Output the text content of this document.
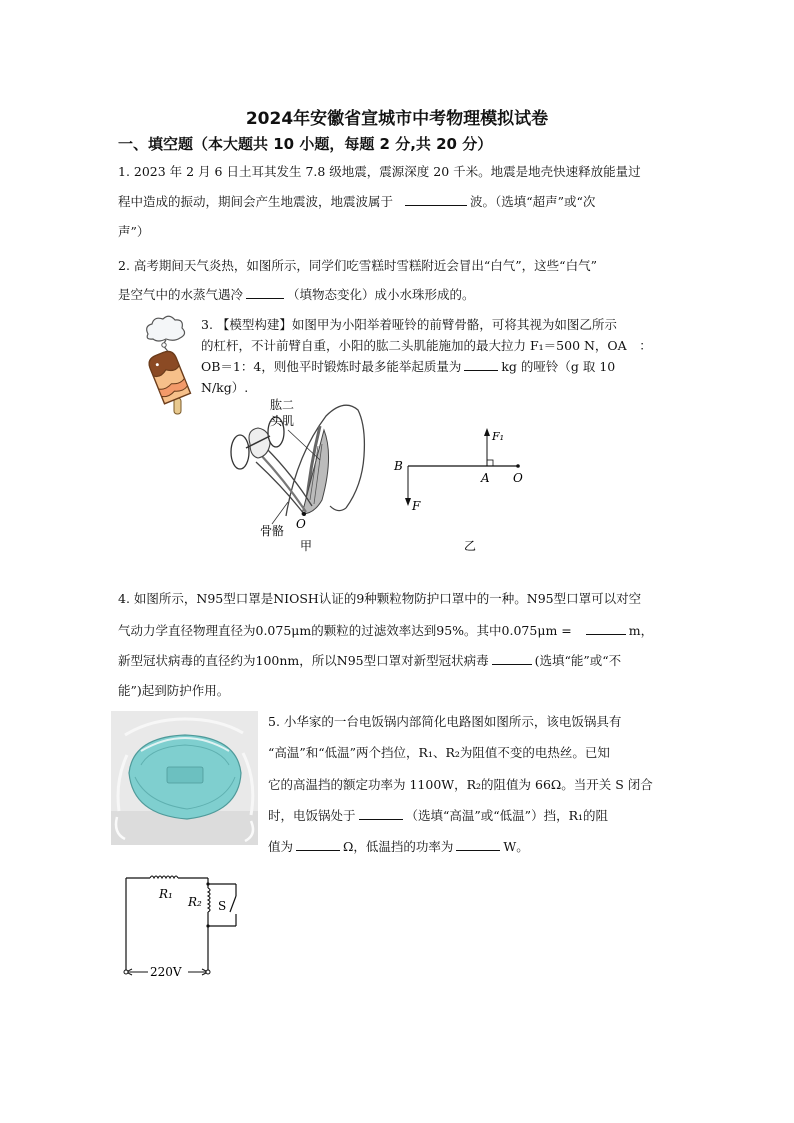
2024年安徽省宣城市中考物理模拟试卷
一、填空题（本大题共 10 小题，每题 2 分,共 20 分）
1. 2023 年 2 月 6 日土耳其发生 7.8 级地震，震源深度 20 千米。地震是地壳快速释放能量过
程中造成的振动，期间会产生地震波，地震波属于	波。（选填“超声”或“次
声”）
2. 高考期间天气炎热，如图所示，同学们吃雪糕时雪糕附近会冒出“白气”，这些“白气”
是空气中的水蒸气遇冷	（填物态变化）成小水珠形成的。
3. 【模型构建】如图甲为小阳举着哑铃的前臂骨骼，可将其视为如图乙所示
的杠杆，不计前臂自重，小阳的肱二头肌能施加的最大拉力 F₁＝500 N，OA　：
OB＝1：4，则他平时锻炼时最多能举起质量为	kg 的哑铃（g 取 10
N/kg）.
肱二
头肌
骨骼 O
甲
B
A O
F₁
F
乙
4. 如图所示，N95型口罩是NIOSH认证的9种颗粒物防护口罩中的一种。N95型口罩可以对空
气动力学直径物理直径为0.075μm的颗粒的过滤效率达到95%。其中0.075μm =	m，
新型冠状病毒的直径约为100nm，所以N95型口罩对新型冠状病毒	(选填“能”或“不
能”)起到防护作用。
5. 小华家的一台电饭锅内部简化电路图如图所示，该电饭锅具有
“高温”和“低温”两个挡位，R₁、R₂为阻值不变的电热丝。已知
它的高温挡的额定功率为 1100W，R₂的阻值为 66Ω。当开关 S 闭合
时，电饭锅处于	（选填“高温”或“低温”）挡，R₁的阻
值为	Ω，低温挡的功率为	W。
R₁
R₂ S
220V
